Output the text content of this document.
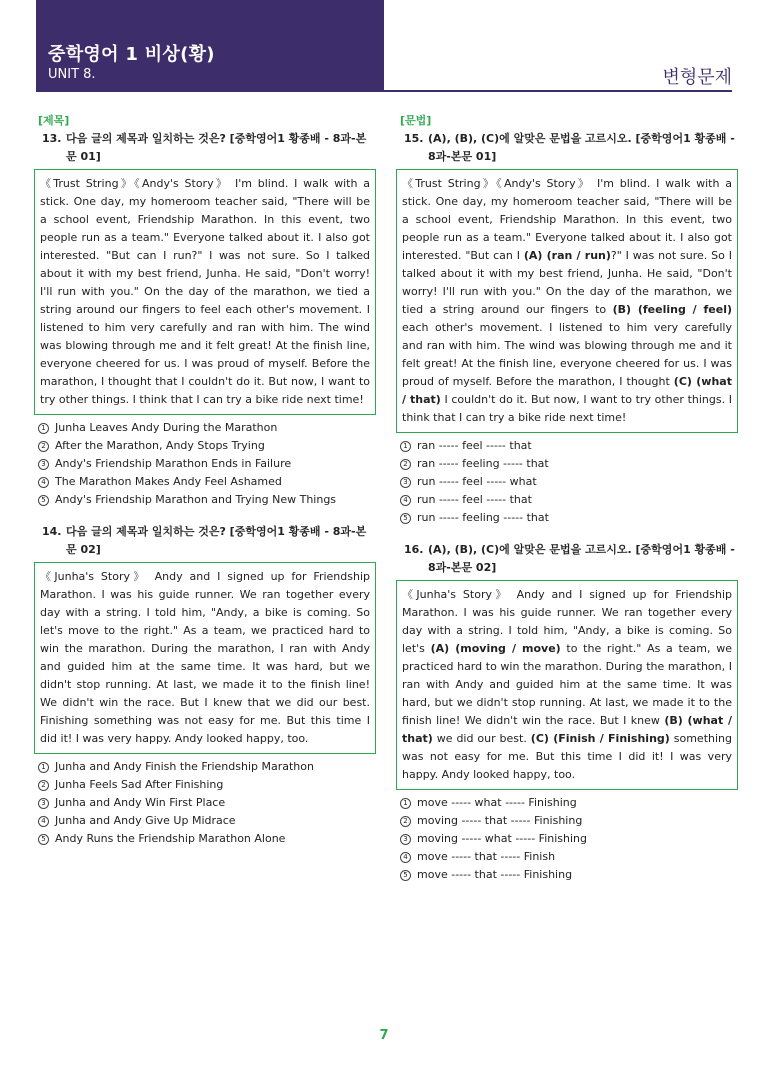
중학영어 1 비상(황)
UNIT 8.	변형문제
[제목]
13. 다음 글의 제목과 일치하는 것은? [중학영어1 황종배 - 8과-본문 01]
《Trust String》《Andy's Story》 I'm blind. I walk with a stick. One day, my homeroom teacher said, "There will be a school event, Friendship Marathon. In this event, two people run as a team." Everyone talked about it. I also got interested. "But can I run?" I was not sure. So I talked about it with my best friend, Junha. He said, "Don't worry! I'll run with you." On the day of the marathon, we tied a string around our fingers to feel each other's movement. I listened to him very carefully and ran with him. The wind was blowing through me and it felt great! At the finish line, everyone cheered for us. I was proud of myself. Before the marathon, I thought that I couldn't do it. But now, I want to try other things. I think that I can try a bike ride next time!
1 Junha Leaves Andy During the Marathon
2 After the Marathon, Andy Stops Trying
3 Andy's Friendship Marathon Ends in Failure
4 The Marathon Makes Andy Feel Ashamed
5 Andy's Friendship Marathon and Trying New Things
14. 다음 글의 제목과 일치하는 것은? [중학영어1 황종배 - 8과-본문 02]
《Junha's Story》 Andy and I signed up for Friendship Marathon. I was his guide runner. We ran together every day with a string. I told him, "Andy, a bike is coming. So let's move to the right." As a team, we practiced hard to win the marathon. During the marathon, I ran with Andy and guided him at the same time. It was hard, but we didn't stop running. At last, we made it to the finish line! We didn't win the race. But I knew that we did our best. Finishing something was not easy for me. But this time I did it! I was very happy. Andy looked happy, too.
1 Junha and Andy Finish the Friendship Marathon
2 Junha Feels Sad After Finishing
3 Junha and Andy Win First Place
4 Junha and Andy Give Up Midrace
5 Andy Runs the Friendship Marathon Alone
[문법]
15. (A), (B), (C)에 알맞은 문법을 고르시오. [중학영어1 황종배 - 8과-본문 01]
《Trust String》《Andy's Story》 I'm blind. I walk with a stick. One day, my homeroom teacher said, "There will be a school event, Friendship Marathon. In this event, two people run as a team." Everyone talked about it. I also got interested. "But can I (A) (ran / run)?" I was not sure. So I talked about it with my best friend, Junha. He said, "Don't worry! I'll run with you." On the day of the marathon, we tied a string around our fingers to (B) (feeling / feel) each other's movement. I listened to him very carefully and ran with him. The wind was blowing through me and it felt great! At the finish line, everyone cheered for us. I was proud of myself. Before the marathon, I thought (C) (what / that) I couldn't do it. But now, I want to try other things. I think that I can try a bike ride next time!
1 ran ----- feel ----- that
2 ran ----- feeling ----- that
3 run ----- feel ----- what
4 run ----- feel ----- that
5 run ----- feeling ----- that
16. (A), (B), (C)에 알맞은 문법을 고르시오. [중학영어1 황종배 - 8과-본문 02]
《Junha's Story》 Andy and I signed up for Friendship Marathon. I was his guide runner. We ran together every day with a string. I told him, "Andy, a bike is coming. So let's (A) (moving / move) to the right." As a team, we practiced hard to win the marathon. During the marathon, I ran with Andy and guided him at the same time. It was hard, but we didn't stop running. At last, we made it to the finish line! We didn't win the race. But I knew (B) (what / that) we did our best. (C) (Finish / Finishing) something was not easy for me. But this time I did it! I was very happy. Andy looked happy, too.
1 move ----- what ----- Finishing
2 moving ----- that ----- Finishing
3 moving ----- what ----- Finishing
4 move ----- that ----- Finish
5 move ----- that ----- Finishing
7
